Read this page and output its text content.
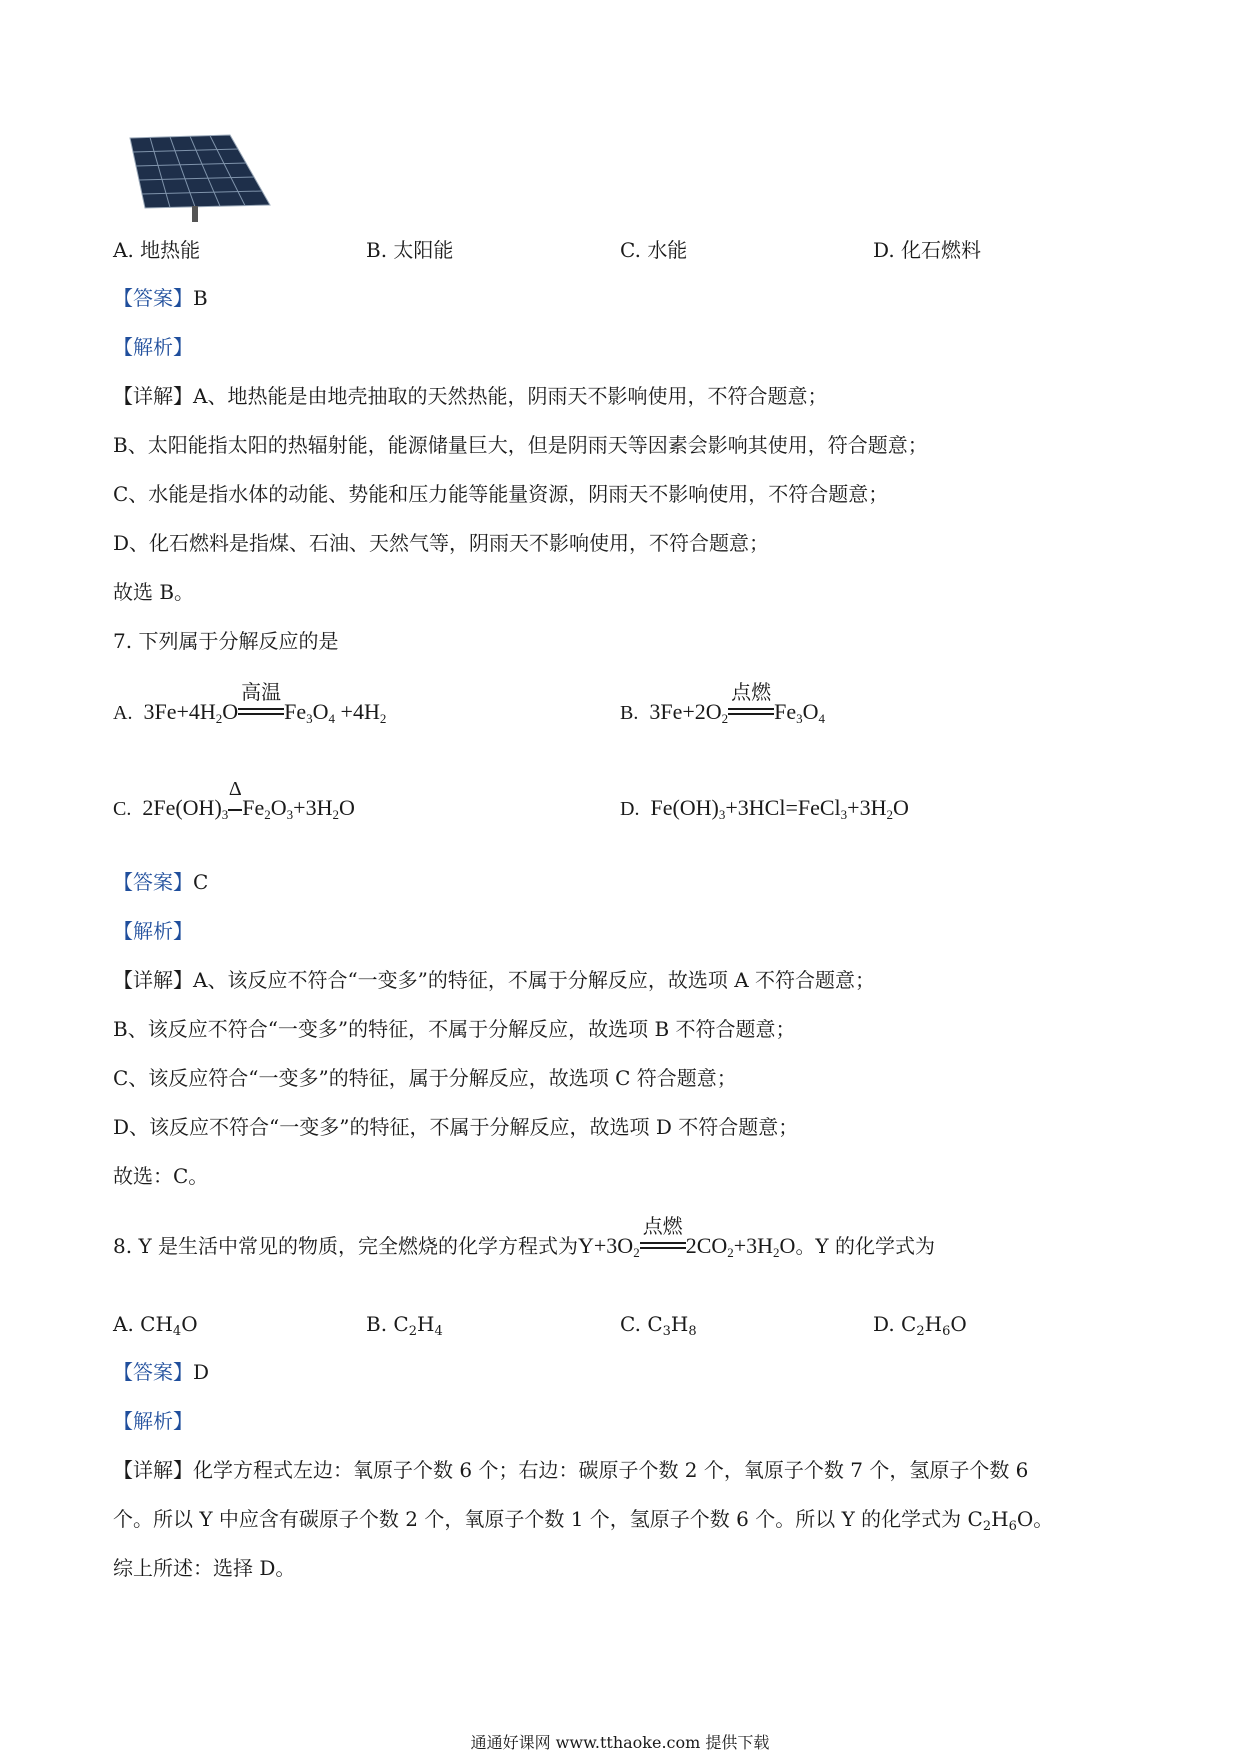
A. 地热能	B. 太阳能	C. 水能	D. 化石燃料
【答案】B
【解析】
【详解】A、地热能是由地壳抽取的天然热能，阴雨天不影响使用，不符合题意；
B、太阳能指太阳的热辐射能，能源储量巨大，但是阴雨天等因素会影响其使用，符合题意；
C、水能是指水体的动能、势能和压力能等能量资源，阴雨天不影响使用，不符合题意；
D、化石燃料是指煤、石油、天然气等，阴雨天不影响使用，不符合题意；
故选 B。
7. 下列属于分解反应的是
A. $3Fe+4H_2O$
高温
$Fe_3O_4 +4H_2$	B. $3Fe+2O_2$
点燃
$Fe_3O_4$
C. $2Fe(OH)_3$
Δ
$Fe_2O_3+3H_2O$	D. $Fe(OH)_3+3HCl=FeCl_3+3H_2O$
【答案】C
【解析】
【详解】A、该反应不符合“一变多”的特征，不属于分解反应，故选项 A 不符合题意；
B、该反应不符合“一变多”的特征，不属于分解反应，故选项 B 不符合题意；
C、该反应符合“一变多”的特征，属于分解反应，故选项 C 符合题意；
D、该反应不符合“一变多”的特征，不属于分解反应，故选项 D 不符合题意；
故选：C。
8. Y 是生活中常见的物质，完全燃烧的化学方程式为$Y+3O_2$
点燃
$2CO_2+3H_2O$。Y 的化学式为
A. $CH_4O$	B. $C_2H_4$	C. $C_3H_8$	D. $C_2H_6O$
【答案】D
【解析】
【详解】化学方程式左边：氧原子个数 6 个；右边：碳原子个数 2 个，氧原子个数 7 个，氢原子个数 6
个。所以 Y 中应含有碳原子个数 2 个，氧原子个数 1 个，氢原子个数 6 个。所以 Y 的化学式为 $C_2H_6O$。
综上所述：选择 D。
通通好课网 www.tthaoke.com 提供下载
